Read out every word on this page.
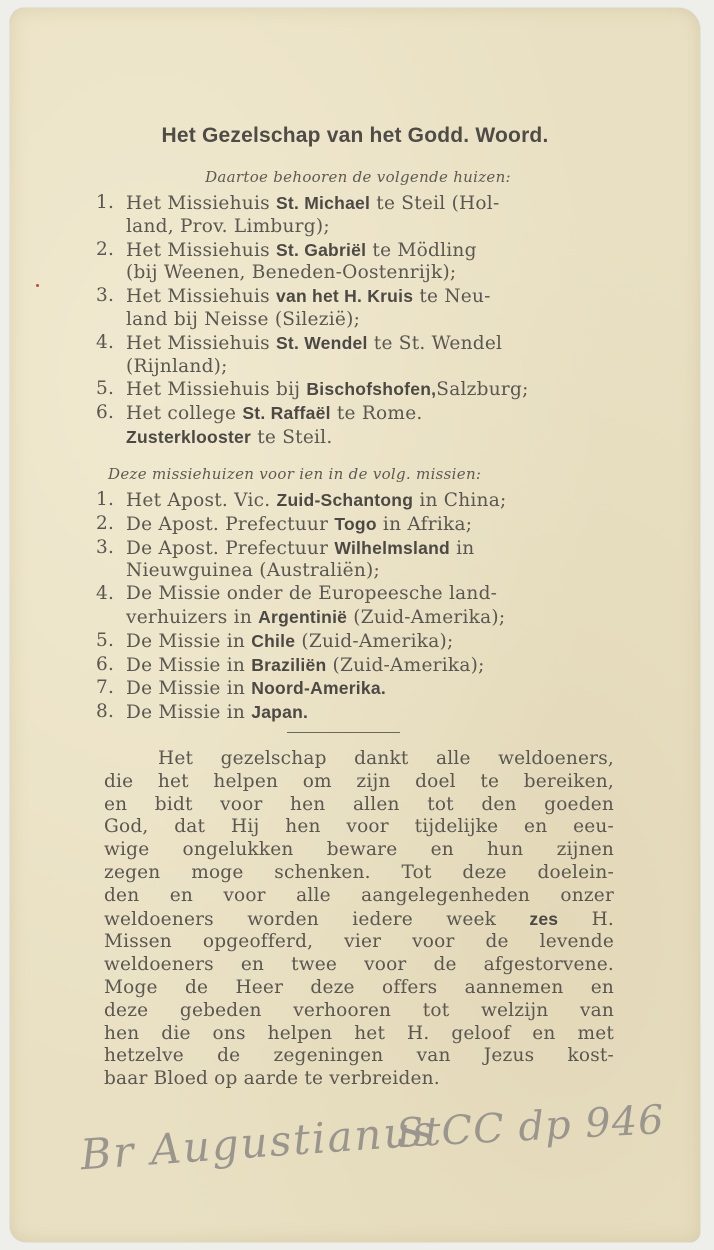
Het Gezelschap van het Godd. Woord.
Daartoe behooren de volgende huizen:
1. Het Missiehuis St. Michael te Steil (Hol-
land, Prov. Limburg);
2. Het Missiehuis St. Gabriël te Mödling
(bij Weenen, Beneden-Oostenrijk);
3. Het Missiehuis van het H. Kruis te Neu-
land bij Neisse (Silezië);
4. Het Missiehuis St. Wendel te St. Wendel
(Rijnland);
5. Het Missiehuis bij Bischofshofen,Salzburg;
6. Het college St. Raffaël te Rome.
Zusterklooster te Steil.
Deze missiehuizen voor ien in de volg. missien:
1. Het Apost. Vic. Zuid-Schantong in China;
2. De Apost. Prefectuur Togo in Afrika;
3. De Apost. Prefectuur Wilhelmsland in
Nieuwguinea (Australiën);
4. De Missie onder de Europeesche land-
verhuizers in Argentinië (Zuid-Amerika);
5. De Missie in Chile (Zuid-Amerika);
6. De Missie in Braziliën (Zuid-Amerika);
7. De Missie in Noord-Amerika.
8. De Missie in Japan.
Het gezelschap dankt alle weldoeners,
die het helpen om zijn doel te bereiken,
en bidt voor hen allen tot den goeden
God, dat Hij hen voor tijdelijke en eeu-
wige ongelukken beware en hun zijnen
zegen moge schenken. Tot deze doelein-
den en voor alle aangelegenheden onzer
weldoeners worden iedere week zes H.
Missen opgeofferd, vier voor de levende
weldoeners en twee voor de afgestorvene.
Moge de Heer deze offers aannemen en
deze gebeden verhooren tot welzijn van
hen die ons helpen het H. geloof en met
hetzelve de zegeningen van Jezus kost-
baar Bloed op aarde te verbreiden.
StCC dp 946
Br Augustianus
